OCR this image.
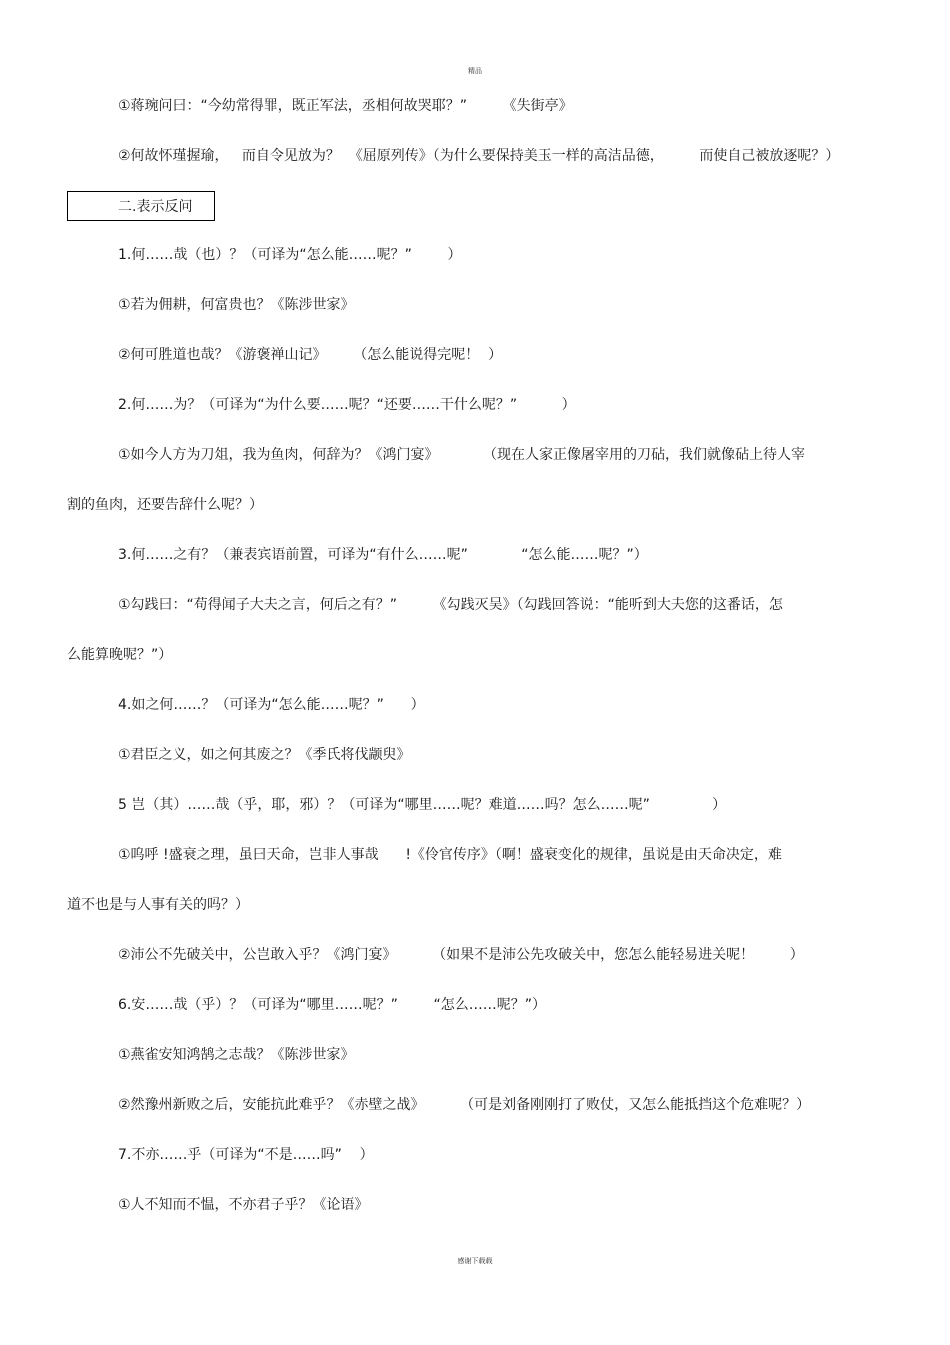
精品
①蒋琬问曰：“今幼常得罪，既正军法，丞相何故哭耶？”        《失街亭》
②何故怀瑾握瑜，   而自令见放为？  《屈原列传》（为什么要保持美玉一样的高洁品德，        而使自己被放逐呢？）
二.表示反问
1.何……哉（也）？（可译为“怎么能……呢？”        ）
①若为佣耕，何富贵也？《陈涉世家》
②何可胜道也哉？《游褒禅山记》      （怎么能说得完呢！  ）
2.何……为？（可译为“为什么要……呢？“还要……干什么呢？”          ）
①如今人方为刀俎，我为鱼肉，何辞为？《鸿门宴》          （现在人家正像屠宰用的刀砧，我们就像砧上待人宰
割的鱼肉，还要告辞什么呢？）
3.何……之有？（兼表宾语前置，可译为“有什么……呢”            “怎么能……呢？”）
①勾践曰：“苟得闻子大夫之言，何后之有？”        《勾践灭吴》（勾践回答说：“能听到大夫您的这番话，怎
么能算晚呢？”）
4.如之何……？（可译为“怎么能……呢？”      ）
①君臣之义，如之何其废之？《季氏将伐颛臾》
5 岂（其）……哉（乎，耶，邪）？（可译为“哪里……呢？难道……吗？怎么……呢”              ）
①呜呼 !盛衰之理，虽曰天命，岂非人事哉      !《伶官传序》（啊！盛衰变化的规律，虽说是由天命决定，难
道不也是与人事有关的吗？）
②沛公不先破关中，公岂敢入乎？《鸿门宴》        （如果不是沛公先攻破关中，您怎么能轻易进关呢！        ）
6.安……哉（乎）？（可译为“哪里……呢？”        “怎么……呢？”）
①燕雀安知鸿鹄之志哉？《陈涉世家》
②然豫州新败之后，安能抗此难乎？《赤壁之战》        （可是刘备刚刚打了败仗，又怎么能抵挡这个危难呢？）
7.不亦……乎（可译为“不是……吗”    ）
①人不知而不愠，不亦君子乎？《论语》
感谢下载载
